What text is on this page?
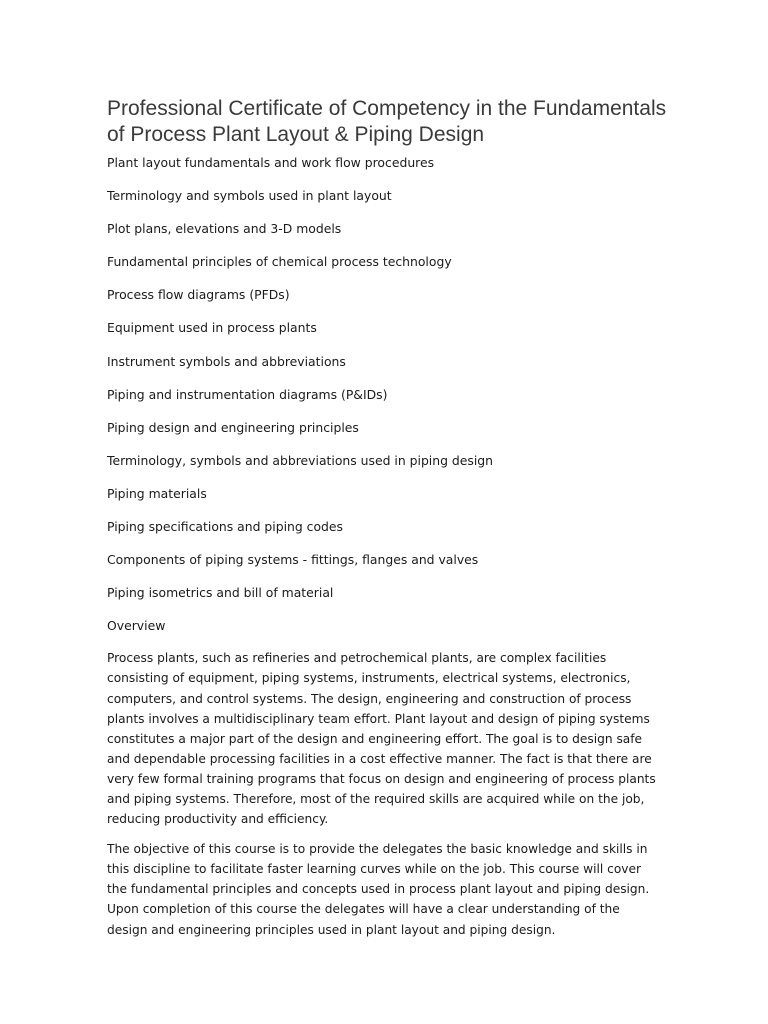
Professional Certificate of Competency in the Fundamentals of Process Plant Layout & Piping Design
Plant layout fundamentals and work flow procedures
Terminology and symbols used in plant layout
Plot plans, elevations and 3-D models
Fundamental principles of chemical process technology
Process flow diagrams (PFDs)
Equipment used in process plants
Instrument symbols and abbreviations
Piping and instrumentation diagrams (P&IDs)
Piping design and engineering principles
Terminology, symbols and abbreviations used in piping design
Piping materials
Piping specifications and piping codes
Components of piping systems - fittings, flanges and valves
Piping isometrics and bill of material
Overview

Process plants, such as refineries and petrochemical plants, are complex facilities consisting of equipment, piping systems, instruments, electrical systems, electronics, computers, and control systems. The design, engineering and construction of process plants involves a multidisciplinary team effort. Plant layout and design of piping systems constitutes a major part of the design and engineering effort. The goal is to design safe and dependable processing facilities in a cost effective manner. The fact is that there are very few formal training programs that focus on design and engineering of process plants and piping systems. Therefore, most of the required skills are acquired while on the job, reducing productivity and efficiency.

The objective of this course is to provide the delegates the basic knowledge and skills in this discipline to facilitate faster learning curves while on the job. This course will cover the fundamental principles and concepts used in process plant layout and piping design. Upon completion of this course the delegates will have a clear understanding of the design and engineering principles used in plant layout and piping design.
